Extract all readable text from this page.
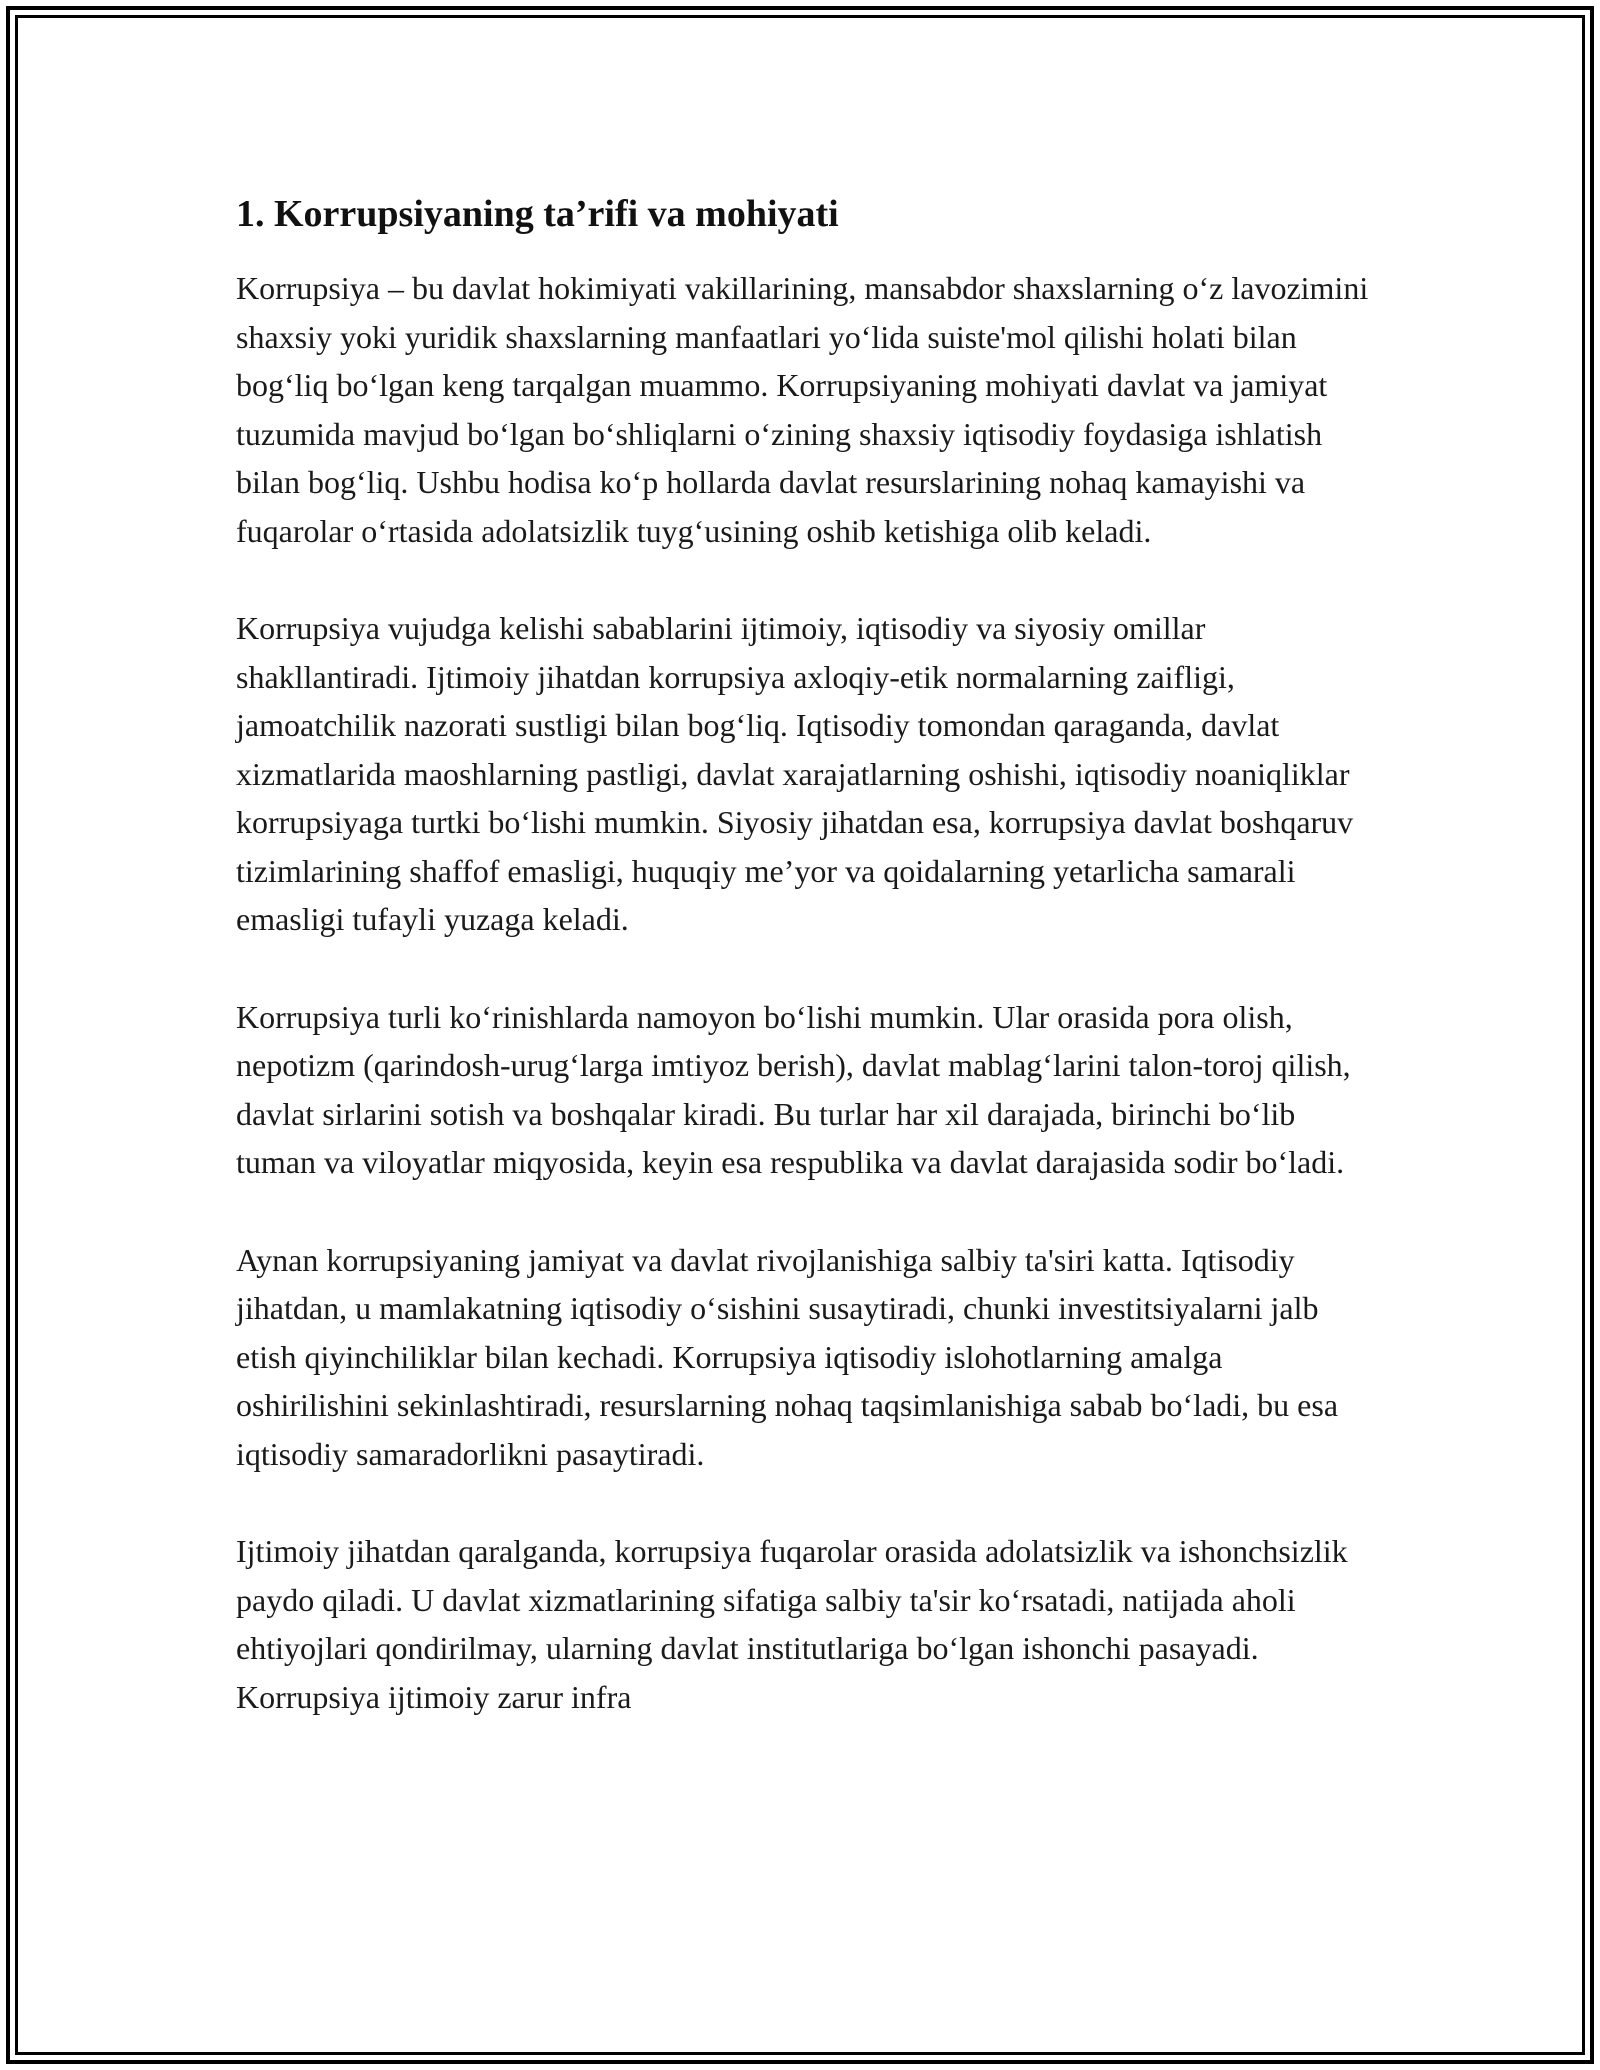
1. Korrupsiyaning ta’rifi va mohiyati

Korrupsiya – bu davlat hokimiyati vakillarining, mansabdor shaxslarning o‘z lavozimini shaxsiy yoki yuridik shaxslarning manfaatlari yo‘lida suiste'mol qilishi holati bilan bog‘liq bo‘lgan keng tarqalgan muammo. Korrupsiyaning mohiyati davlat va jamiyat tuzumida mavjud bo‘lgan bo‘shliqlarni o‘zining shaxsiy iqtisodiy foydasiga ishlatish bilan bog‘liq. Ushbu hodisa ko‘p hollarda davlat resurslarining nohaq kamayishi va fuqarolar o‘rtasida adolatsizlik tuyg‘usining oshib ketishiga olib keladi.

Korrupsiya vujudga kelishi sabablarini ijtimoiy, iqtisodiy va siyosiy omillar shakllantiradi. Ijtimoiy jihatdan korrupsiya axloqiy-etik normalarning zaifligi, jamoatchilik nazorati sustligi bilan bog‘liq. Iqtisodiy tomondan qaraganda, davlat xizmatlarida maoshlarning pastligi, davlat xarajatlarning oshishi, iqtisodiy noaniqliklar korrupsiyaga turtki bo‘lishi mumkin. Siyosiy jihatdan esa, korrupsiya davlat boshqaruv tizimlarining shaffof emasligi, huquqiy me’yor va qoidalarning yetarlicha samarali emasligi tufayli yuzaga keladi.

Korrupsiya turli ko‘rinishlarda namoyon bo‘lishi mumkin. Ular orasida pora olish, nepotizm (qarindosh-urug‘larga imtiyoz berish), davlat mablag‘larini talon-toroj qilish, davlat sirlarini sotish va boshqalar kiradi. Bu turlar har xil darajada, birinchi bo‘lib tuman va viloyatlar miqyosida, keyin esa respublika va davlat darajasida sodir bo‘ladi.

Aynan korrupsiyaning jamiyat va davlat rivojlanishiga salbiy ta'siri katta. Iqtisodiy jihatdan, u mamlakatning iqtisodiy o‘sishini susaytiradi, chunki investitsiyalarni jalb etish qiyinchiliklar bilan kechadi. Korrupsiya iqtisodiy islohotlarning amalga oshirilishini sekinlashtiradi, resurslarning nohaq taqsimlanishiga sabab bo‘ladi, bu esa iqtisodiy samaradorlikni pasaytiradi.

Ijtimoiy jihatdan qaralganda, korrupsiya fuqarolar orasida adolatsizlik va ishonchsizlik paydo qiladi. U davlat xizmatlarining sifatiga salbiy ta'sir ko‘rsatadi, natijada aholi ehtiyojlari qondirilmay, ularning davlat institutlariga bo‘lgan ishonchi pasayadi. Korrupsiya ijtimoiy zarur infra
